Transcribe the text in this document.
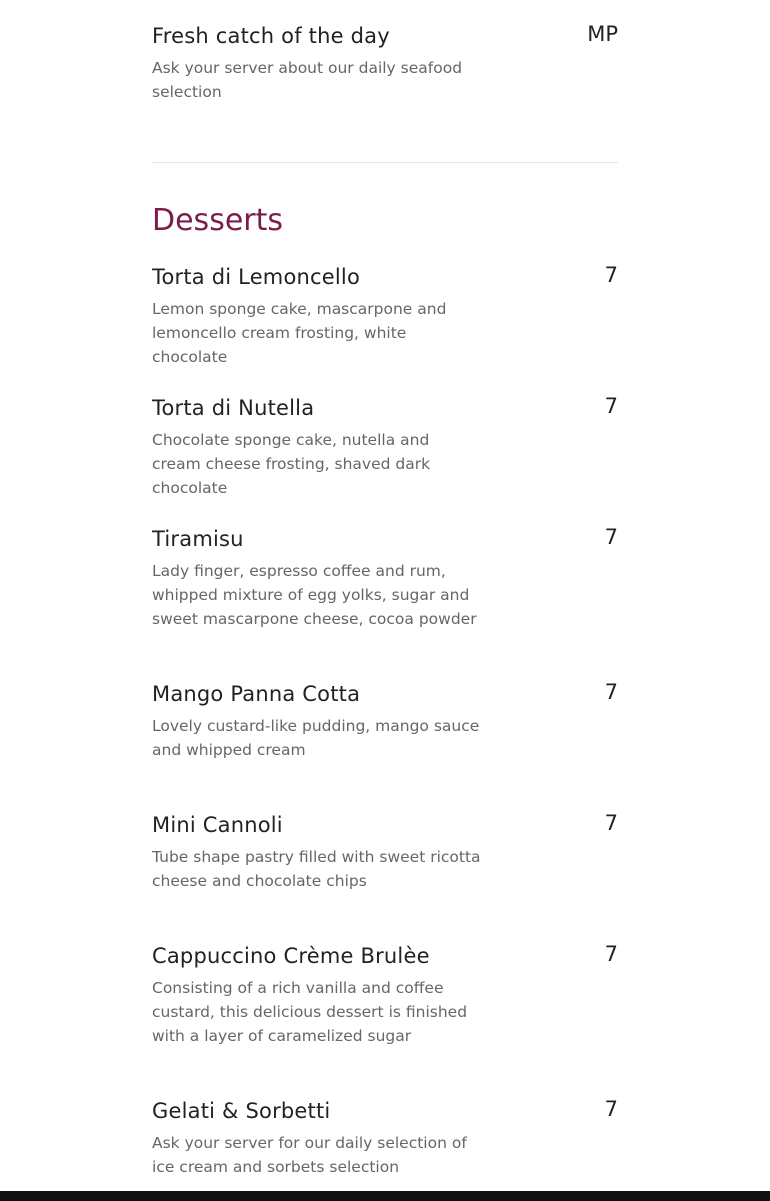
MP
Fresh catch of the day
Ask your server about our daily seafood selection
Desserts
7
Torta di Lemoncello
Lemon sponge cake, mascarpone and lemoncello cream frosting, white chocolate
7
Torta di Nutella
Chocolate sponge cake, nutella and cream cheese frosting, shaved dark chocolate
7
Tiramisu
Lady finger, espresso coffee and rum, whipped mixture of egg yolks, sugar and sweet mascarpone cheese, cocoa powder
7
Mango Panna Cotta
Lovely custard-like pudding, mango sauce and whipped cream
7
Mini Cannoli
Tube shape pastry filled with sweet ricotta cheese and chocolate chips
7
Cappuccino Crème Brulèe
Consisting of a rich vanilla and coffee custard, this delicious dessert is finished with a layer of caramelized sugar
7
Gelati & Sorbetti
Ask your server for our daily selection of ice cream and sorbets selection
